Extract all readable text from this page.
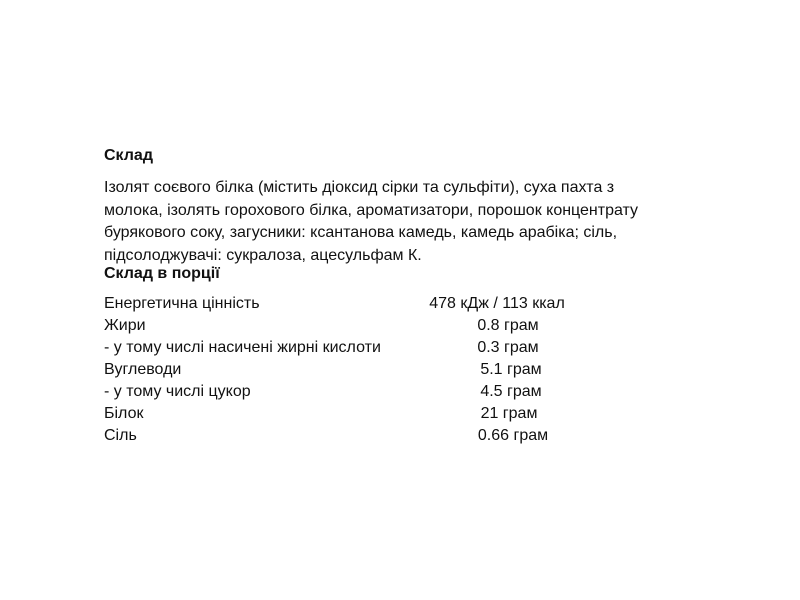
Склад
Ізолят соєвого білка (містить діоксид сірки та сульфіти), суха пахта з
молока, ізолять горохового білка, ароматизатори, порошок концентрату
бурякового соку, загусники: ксантанова камедь, камедь арабіка; сіль,
підсолоджувачі: сукралоза, ацесульфам К.
Склад в порції
Енергетична цінність	478 кДж / 113 ккал
Жири	0.8 грам
- у тому числі насичені жирні кислоти	0.3 грам
Вуглеводи	5.1 грам
- у тому числі цукор	4.5 грам
Білок	21 грам
Сіль	0.66 грам
